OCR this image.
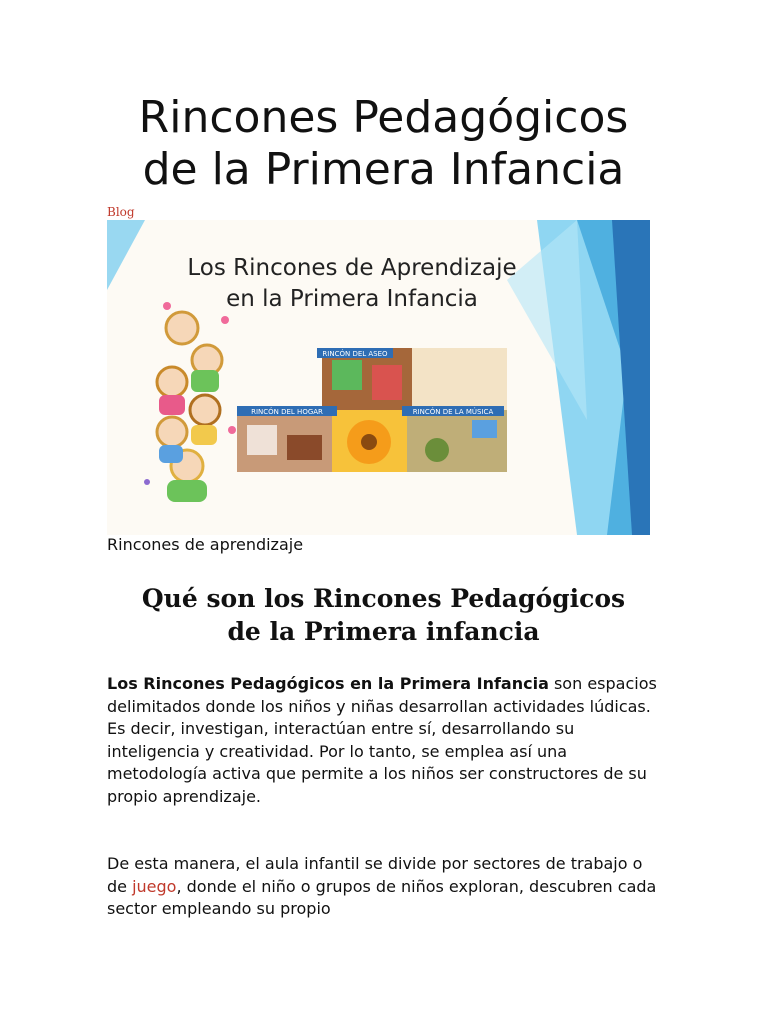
Rincones Pedagógicos
de la Primera Infancia
Blog
Los Rincones de Aprendizaje
en la Primera Infancia
RINCÓN DEL ASEO
RINCÓN DEL HOGAR	RINCÓN DE LA MÚSICA
Rincones de aprendizaje
Qué son los Rincones Pedagógicos
de la Primera infancia

Los Rincones Pedagógicos en la Primera Infancia son espacios delimitados donde los niños y niñas desarrollan actividades lúdicas. Es decir, investigan, interactúan entre sí, desarrollando su inteligencia y creatividad. Por lo tanto, se emplea así una metodología activa que permite a los niños ser constructores de su propio aprendizaje.

De esta manera, el aula infantil se divide por sectores de trabajo o de juego, donde el niño o grupos de niños exploran, descubren cada sector empleando su propio
